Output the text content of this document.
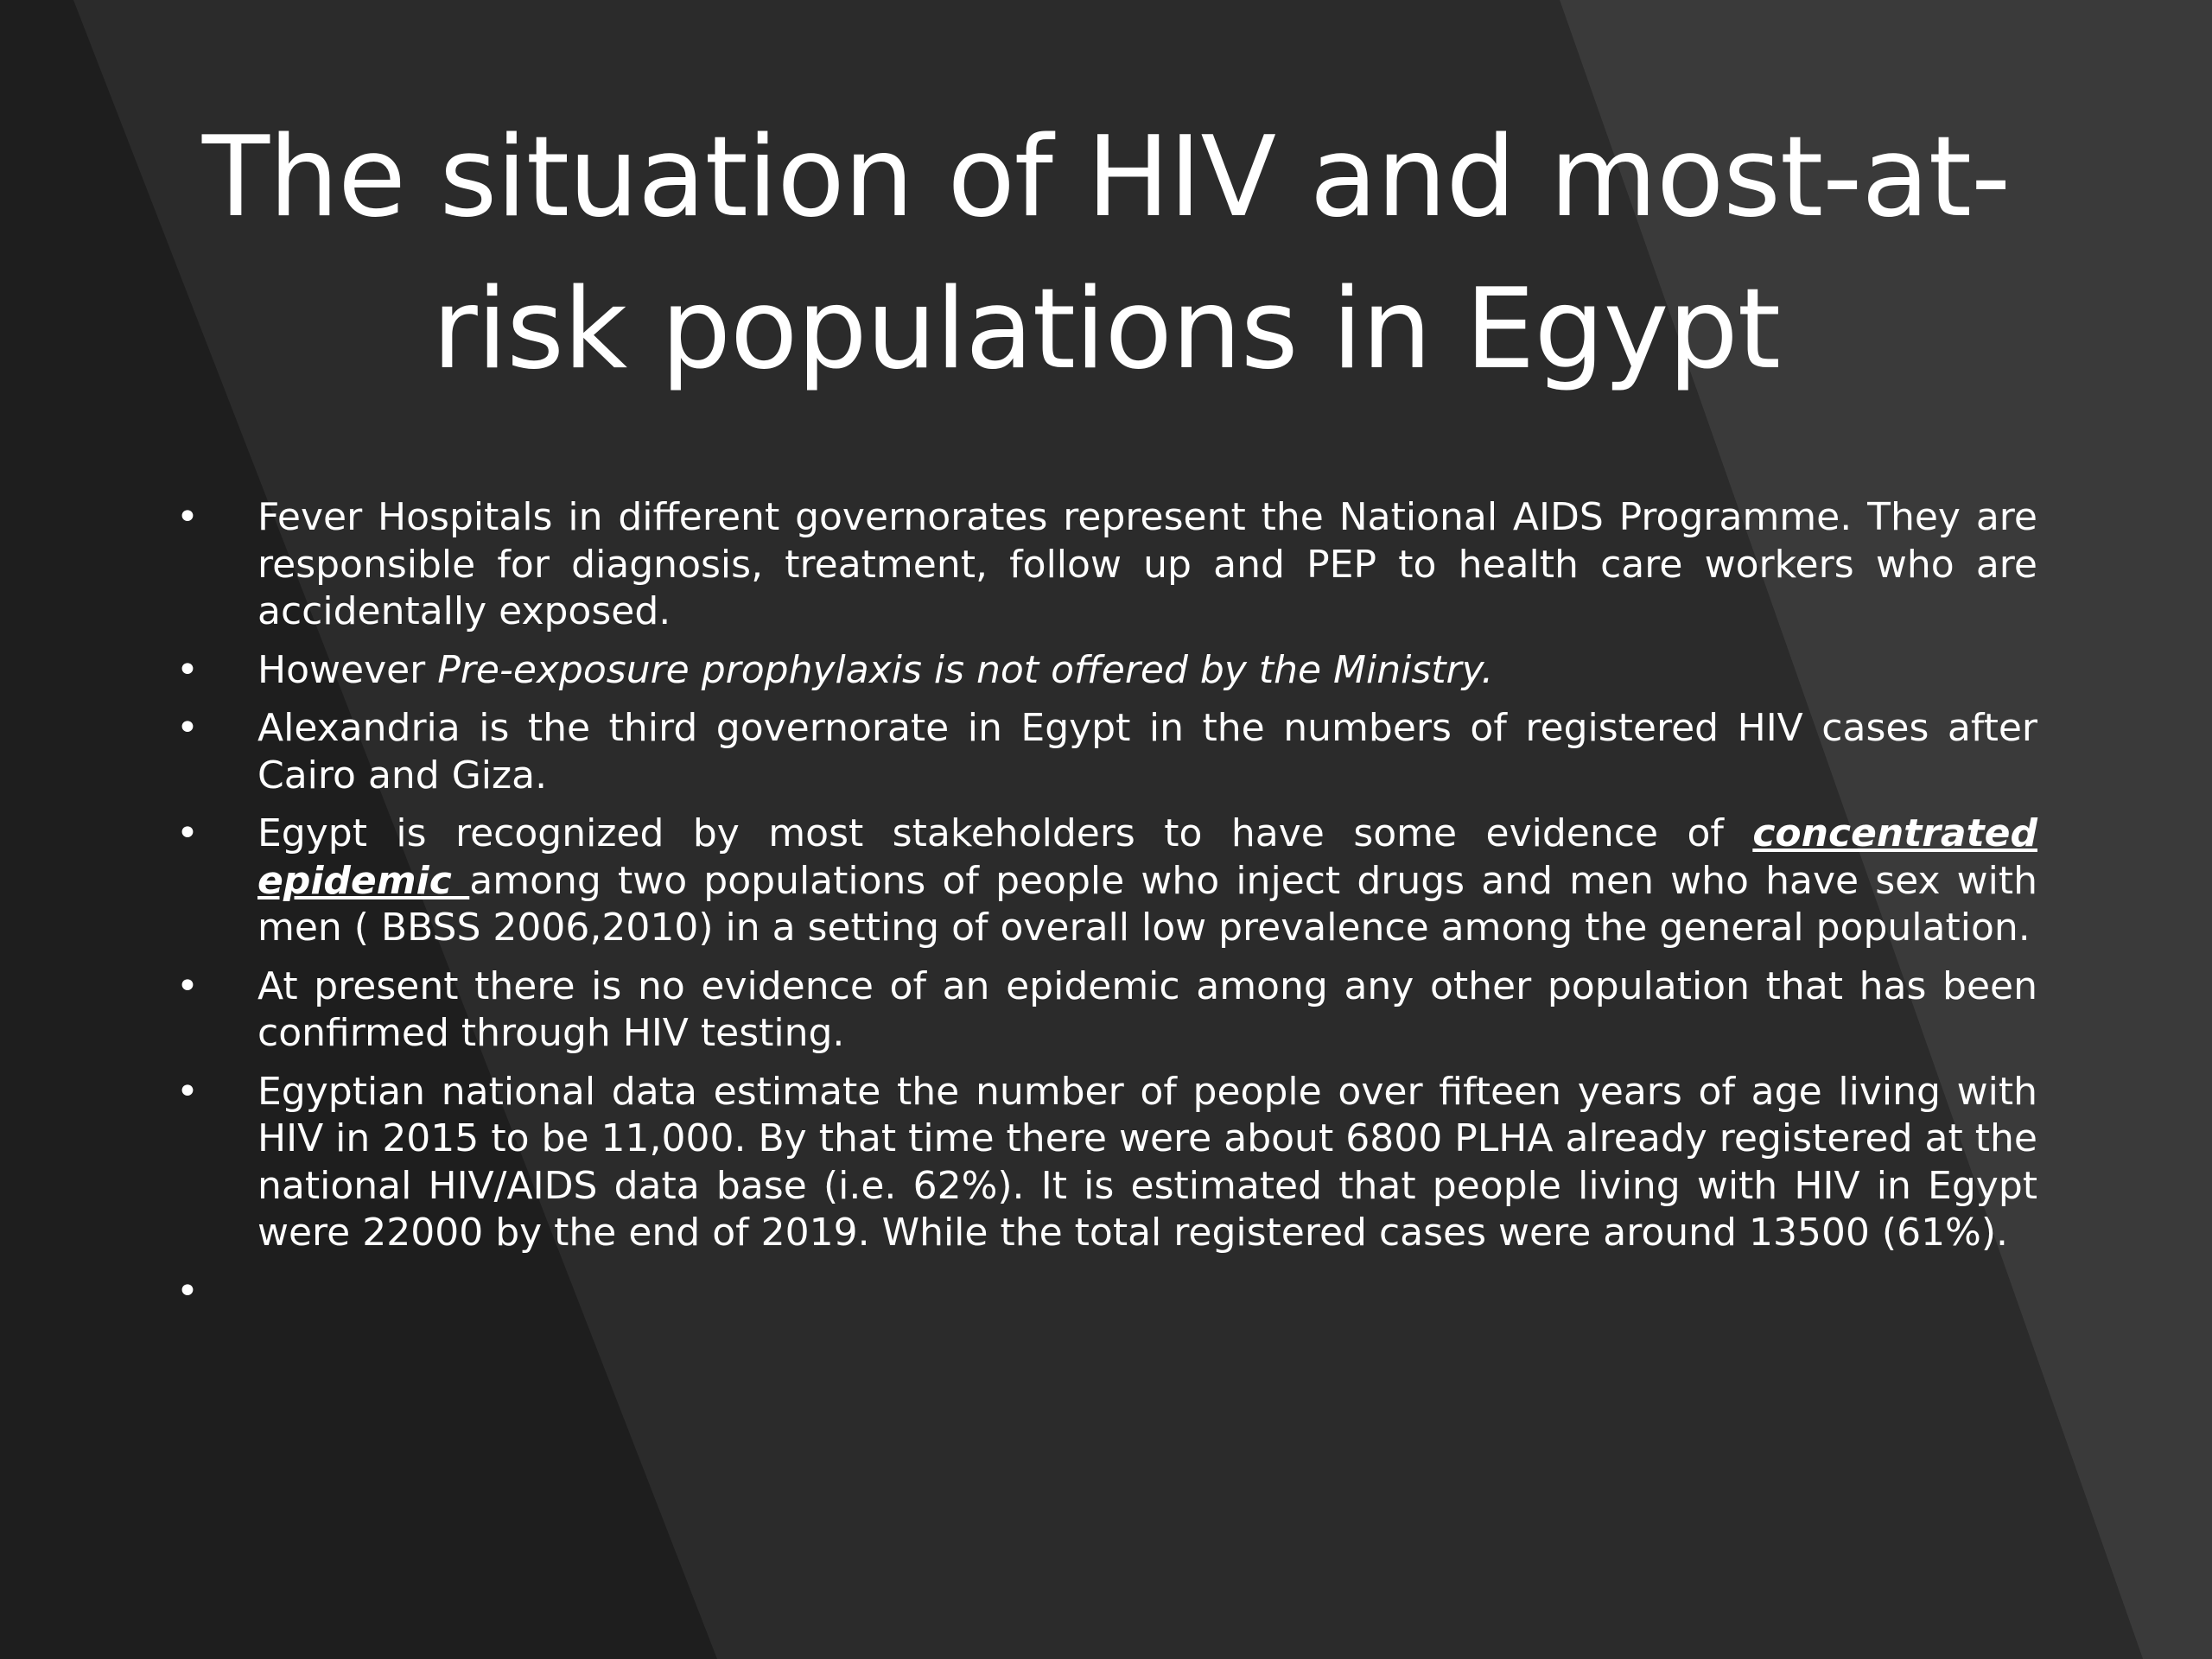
The situation of HIV and most-at-risk populations in Egypt
• Fever Hospitals in different governorates represent the National AIDS Programme. They are responsible for diagnosis, treatment, follow up and PEP to health care workers who are accidentally exposed.
• However Pre-exposure prophylaxis is not offered by the Ministry.
• Alexandria is the third governorate in Egypt in the numbers of registered HIV cases after Cairo and Giza.
• Egypt is recognized by most stakeholders to have some evidence of concentrated epidemic among two populations of people who inject drugs and men who have sex with men ( BBSS 2006,2010) in a setting of overall low prevalence among the general population.
• At present there is no evidence of an epidemic among any other population that has been confirmed through HIV testing.
• Egyptian national data estimate the number of people over fifteen years of age living with HIV in 2015 to be 11,000. By that time there were about 6800 PLHA already registered at the national HIV/AIDS data base (i.e. 62%). It is estimated that people living with HIV in Egypt were 22000 by the end of 2019. While the total registered cases were around 13500 (61%).
•
